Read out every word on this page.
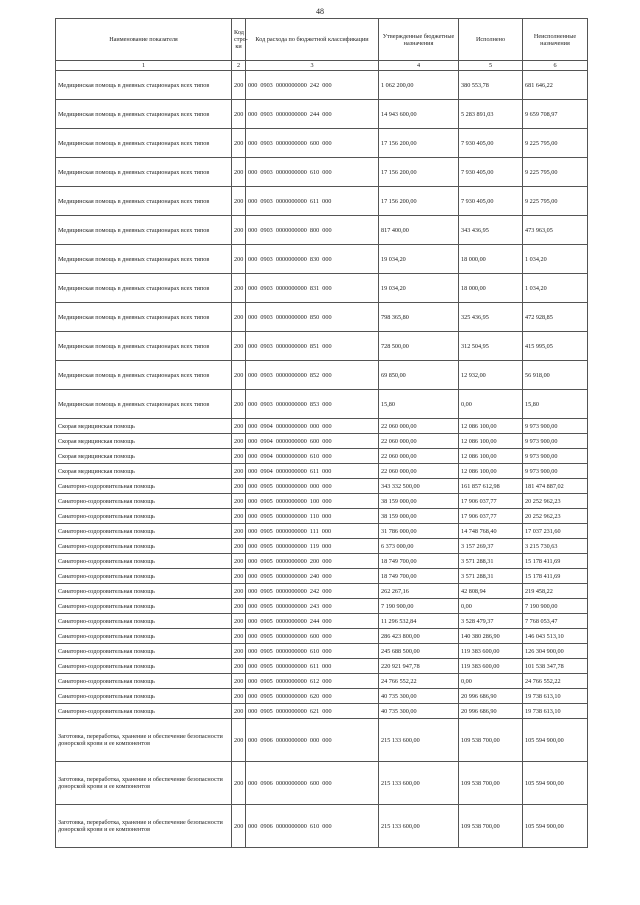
48
Наименование показателя	Код стро-ки	Код расхода по бюджетной классификации	Утвержденные бюджетные назначения	Исполнено	Неисполненные назначения
1	2	3	4	5	6
Медицинская помощь в дневных стационарах всех типов	200	000  0903  0000000000  242  000	1 062 200,00	380 553,78	681 646,22
Медицинская помощь в дневных стационарах всех типов	200	000  0903  0000000000  244  000	14 943 600,00	5 283 891,03	9 659 708,97
Медицинская помощь в дневных стационарах всех типов	200	000  0903  0000000000  600  000	17 156 200,00	7 930 405,00	9 225 795,00
Медицинская помощь в дневных стационарах всех типов	200	000  0903  0000000000  610  000	17 156 200,00	7 930 405,00	9 225 795,00
Медицинская помощь в дневных стационарах всех типов	200	000  0903  0000000000  611  000	17 156 200,00	7 930 405,00	9 225 795,00
Медицинская помощь в дневных стационарах всех типов	200	000  0903  0000000000  800  000	817 400,00	343 436,95	473 963,05
Медицинская помощь в дневных стационарах всех типов	200	000  0903  0000000000  830  000	19 034,20	18 000,00	1 034,20
Медицинская помощь в дневных стационарах всех типов	200	000  0903  0000000000  831  000	19 034,20	18 000,00	1 034,20
Медицинская помощь в дневных стационарах всех типов	200	000  0903  0000000000  850  000	798 365,80	325 436,95	472 928,85
Медицинская помощь в дневных стационарах всех типов	200	000  0903  0000000000  851  000	728 500,00	312 504,95	415 995,05
Медицинская помощь в дневных стационарах всех типов	200	000  0903  0000000000  852  000	69 850,00	12 932,00	56 918,00
Медицинская помощь в дневных стационарах всех типов	200	000  0903  0000000000  853  000	15,80	0,00	15,80
Скорая медицинская помощь	200	000  0904  0000000000  000  000	22 060 000,00	12 086 100,00	9 973 900,00
Скорая медицинская помощь	200	000  0904  0000000000  600  000	22 060 000,00	12 086 100,00	9 973 900,00
Скорая медицинская помощь	200	000  0904  0000000000  610  000	22 060 000,00	12 086 100,00	9 973 900,00
Скорая медицинская помощь	200	000  0904  0000000000  611  000	22 060 000,00	12 086 100,00	9 973 900,00
Санаторно-оздоровительная помощь	200	000  0905  0000000000  000  000	343 332 500,00	161 857 612,98	181 474 887,02
Санаторно-оздоровительная помощь	200	000  0905  0000000000  100  000	38 159 000,00	17 906 037,77	20 252 962,23
Санаторно-оздоровительная помощь	200	000  0905  0000000000  110  000	38 159 000,00	17 906 037,77	20 252 962,23
Санаторно-оздоровительная помощь	200	000  0905  0000000000  111  000	31 786 000,00	14 748 768,40	17 037 231,60
Санаторно-оздоровительная помощь	200	000  0905  0000000000  119  000	6 373 000,00	3 157 269,37	3 215 730,63
Санаторно-оздоровительная помощь	200	000  0905  0000000000  200  000	18 749 700,00	3 571 288,31	15 178 411,69
Санаторно-оздоровительная помощь	200	000  0905  0000000000  240  000	18 749 700,00	3 571 288,31	15 178 411,69
Санаторно-оздоровительная помощь	200	000  0905  0000000000  242  000	262 267,16	42 808,94	219 458,22
Санаторно-оздоровительная помощь	200	000  0905  0000000000  243  000	7 190 900,00	0,00	7 190 900,00
Санаторно-оздоровительная помощь	200	000  0905  0000000000  244  000	11 296 532,84	3 528 479,37	7 768 053,47
Санаторно-оздоровительная помощь	200	000  0905  0000000000  600  000	286 423 800,00	140 380 286,90	146 043 513,10
Санаторно-оздоровительная помощь	200	000  0905  0000000000  610  000	245 688 500,00	119 383 600,00	126 304 900,00
Санаторно-оздоровительная помощь	200	000  0905  0000000000  611  000	220 921 947,78	119 383 600,00	101 538 347,78
Санаторно-оздоровительная помощь	200	000  0905  0000000000  612  000	24 766 552,22	0,00	24 766 552,22
Санаторно-оздоровительная помощь	200	000  0905  0000000000  620  000	40 735 300,00	20 996 686,90	19 738 613,10
Санаторно-оздоровительная помощь	200	000  0905  0000000000  621  000	40 735 300,00	20 996 686,90	19 738 613,10
Заготовка, переработка, хранение и обеспечение безопасности донорской крови и ее компонентов	200	000  0906  0000000000  000  000	215 133 600,00	109 538 700,00	105 594 900,00
Заготовка, переработка, хранение и обеспечение безопасности донорской крови и ее компонентов	200	000  0906  0000000000  600  000	215 133 600,00	109 538 700,00	105 594 900,00
Заготовка, переработка, хранение и обеспечение безопасности донорской крови и ее компонентов	200	000  0906  0000000000  610  000	215 133 600,00	109 538 700,00	105 594 900,00
